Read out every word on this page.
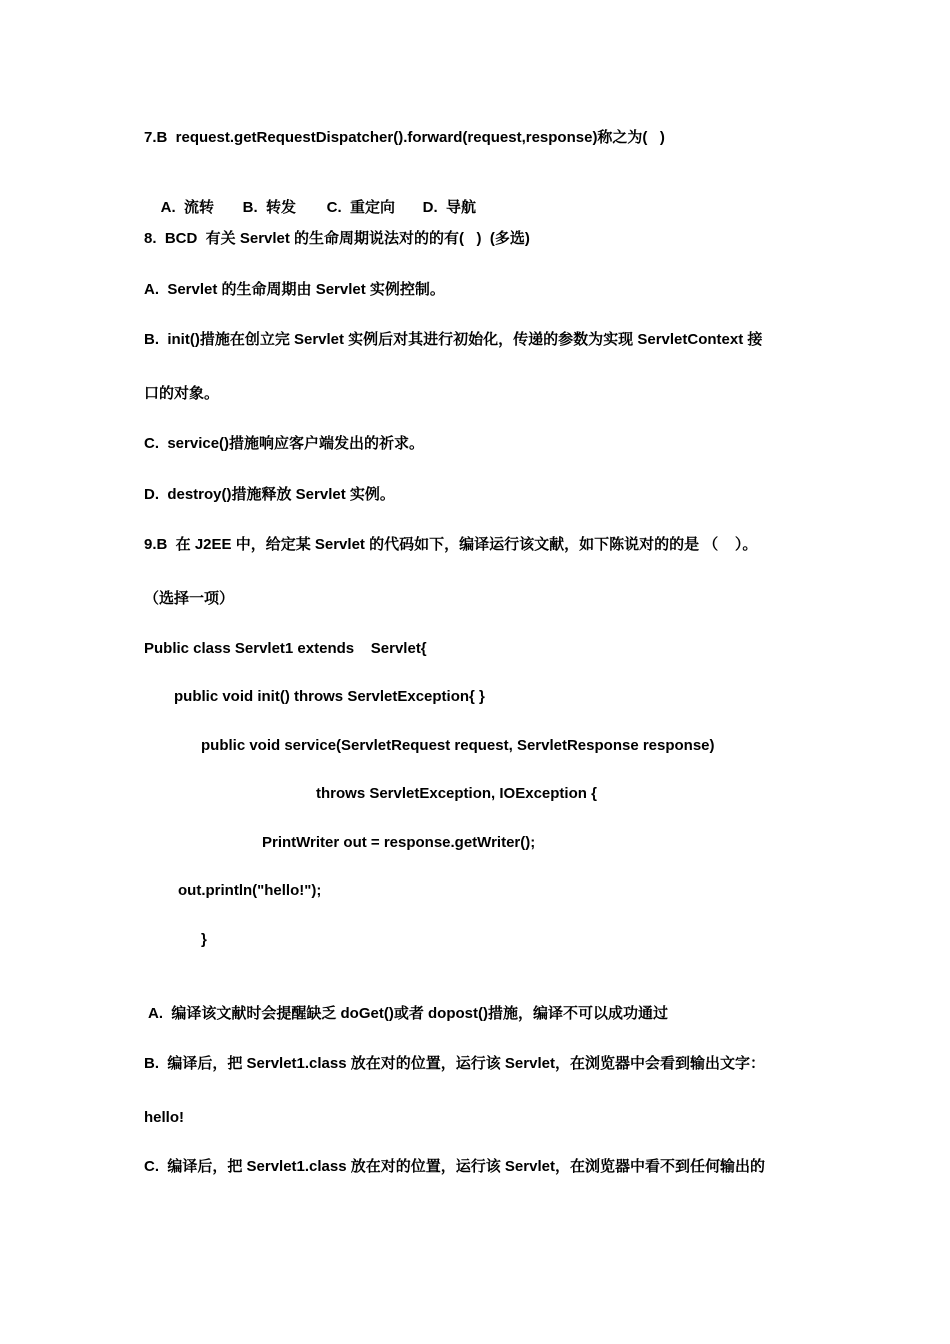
7.B  request.getRequestDispatcher().forward(request,response)称之为(   )

A.  流转 B.  转发 C.  重定向 D.  导航

8.  BCD  有关 Servlet 的生命周期说法对的的有(   )  (多选)
A.  Servlet 的生命周期由 Servlet 实例控制。
B.  init()措施在创立完 Servlet 实例后对其进行初始化，传递的参数为实现 ServletContext 接
口的对象。
C.  service()措施响应客户端发出的祈求。
D.  destroy()措施释放 Servlet 实例。
9.B  在 J2EE 中，给定某 Servlet 的代码如下，编译运行该文献，如下陈说对的的是 （    ）。
（选择一项）
Public class Servlet1 extends    Servlet{
public void init() throws ServletException{ }
public void service(ServletRequest request, ServletResponse response)
throws ServletException, IOException {
PrintWriter out = response.getWriter();
out.println("hello!");
}
A.  编译该文献时会提醒缺乏 doGet()或者 dopost()措施，编译不可以成功通过
B.  编译后，把 Servlet1.class 放在对的位置，运行该 Servlet，在浏览器中会看到输出文字：
hello!
C.  编译后，把 Servlet1.class 放在对的位置，运行该 Servlet，在浏览器中看不到任何输出的
